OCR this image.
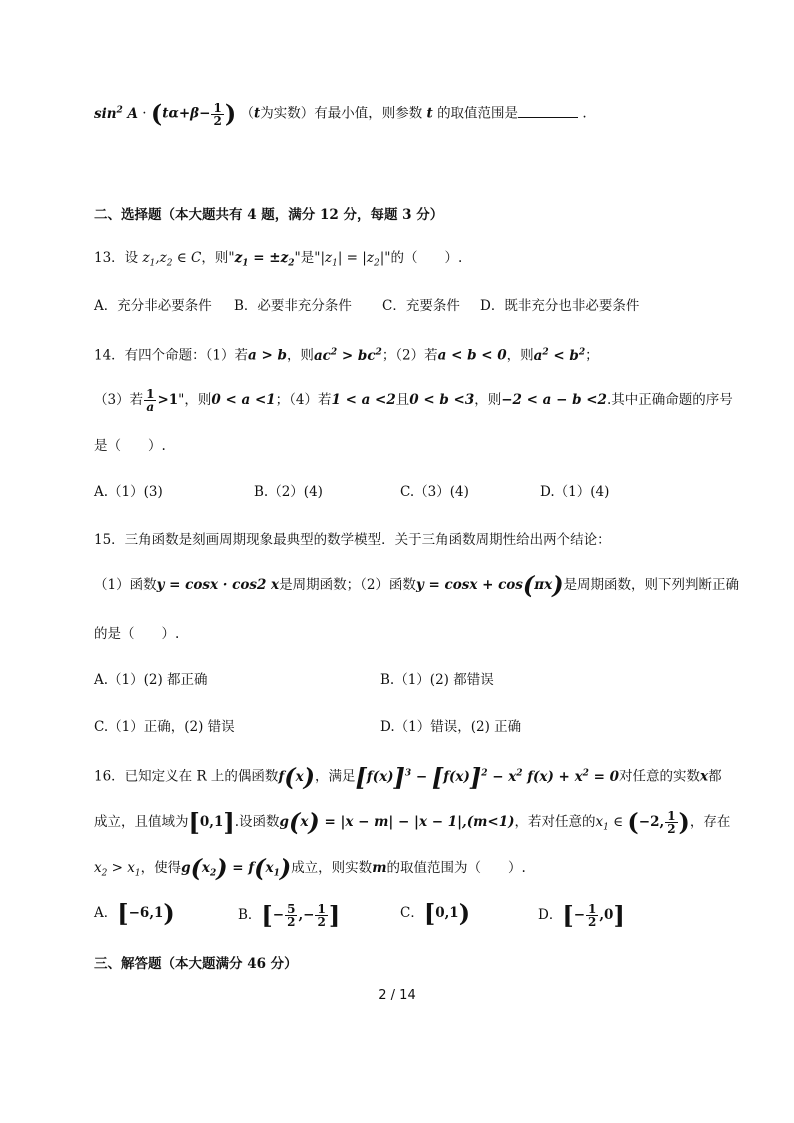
$\sin^2 A \cdot (t\alpha+\beta- \frac{1}{2}$ ) （t为实数）有最小值，则参数 t 的取值范围是	.
二、选择题（本大题共有 4 题，满分 12 分，每题 3 分）
13．设 $z_1,z_2$ ∈ C，则"$z_1 = \pm z_2$"是"$|z_1| = |z_2|$"的（　　）.
A．充分非必要条件 B．必要非充分条件 C．充要条件 D．既非充分也非必要条件
14．有四个命题：（1）若a > b，则$ac^2 > bc^2$；（2）若a < b < 0，则$a^2 < b^2$；
（3）若 $\frac{1}{a} >1$"，则0 < a <1；（4）若1 < a <2且0 < b <3，则−2 < a − b <2.其中正确命题的序号
是（　　）.
A.（1）(3)	B.（2）(4)	C.（3）(4)	D.（1）(4)
15．三角函数是刻画周期现象最典型的数学模型．关于三角函数周期性给出两个结论：
（1）函数y = cosx · cos2 x是周期函数；（2）函数y = cosx + cos(πx)是周期函数，则下列判断正确
的是（　　）.
A.（1）(2) 都正确	B.（1）(2) 都错误
C.（1）正确，(2) 错误	D.（1）错误，(2) 正确
16．已知定义在 R 上的偶函数f(x)，满足$[f(x)]^3 - [f(x)]^2 - x^2$ $f(x) + x^2 = 0$对任意的实数x都
成立，且值域为[0,1].设函数g(x) = |x − m| − |x − 1|,(m<1)，若对任意的$x_1$ ∈ (−2, $\frac{1}{2}$ )，存在
$x_2 > x_1$，使得$g(x_2) = f(x_1)$成立，则实数m的取值范围为（　　）.
A．[−6,1)	B．[− $\frac{5}{2}$ ,− $\frac{1}{2}$ ]	C．[0,1)	D．[− $\frac{1}{2} ,0$]
三、解答题（本大题满分 46 分）
2 / 14
